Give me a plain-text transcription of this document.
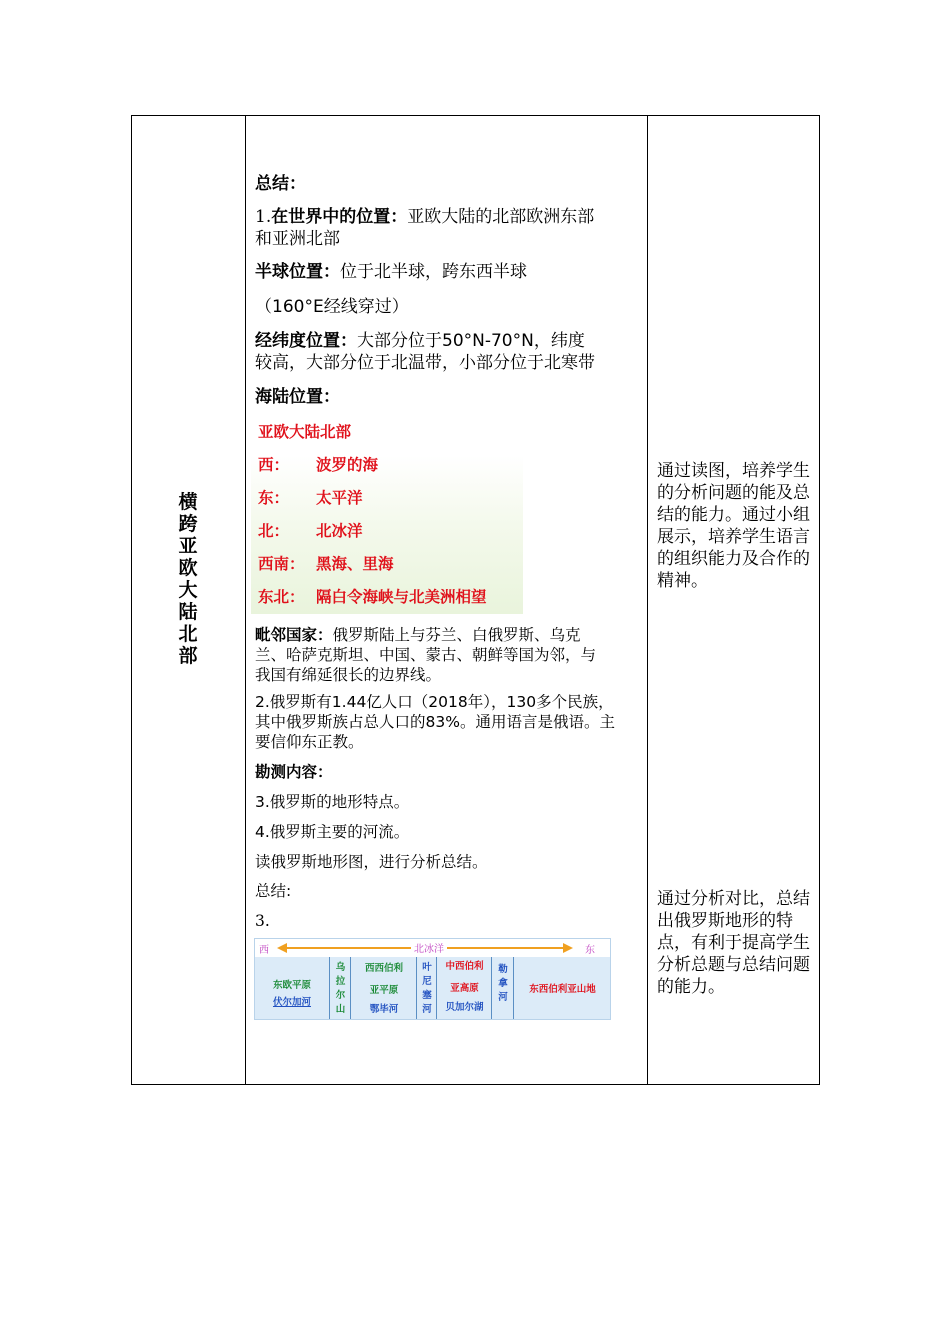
横
跨
亚
欧
大
陆
北
部
总结：
1.在世界中的位置：亚欧大陆的北部欧洲东部
和亚洲北部
半球位置：位于北半球，跨东西半球
（160°E经线穿过）
经纬度位置：大部分位于50°N-70°N，纬度
较高，大部分位于北温带，小部分位于北寒带
海陆位置：
亚欧大陆北部
西： 波罗的海
东： 太平洋
北： 北冰洋
西南： 黑海、里海
东北： 隔白令海峡与北美洲相望
毗邻国家：俄罗斯陆上与芬兰、白俄罗斯、乌克
兰、哈萨克斯坦、中国、蒙古、朝鲜等国为邻，与
我国有绵延很长的边界线。
2.俄罗斯有1.44亿人口（2018年），130多个民族，
其中俄罗斯族占总人口的83%。通用语言是俄语。主
要信仰东正教。
勘测内容：
3.俄罗斯的地形特点。
4.俄罗斯主要的河流。
读俄罗斯地形图，进行分析总结。
总结:
3.
西	北冰洋	东
东欧平原
伏尔加河
乌拉尔山
西西伯利
亚平原
鄂毕河
叶尼塞河
中西伯利
亚高原
贝加尔湖
勒拿河
东西伯利亚山地
通过读图，培养学生的分析问题的能及总结的能力。通过小组展示，培养学生语言的组织能力及合作的精神。
通过分析对比，总结出俄罗斯地形的特点，有利于提高学生分析总题与总结问题的能力。
